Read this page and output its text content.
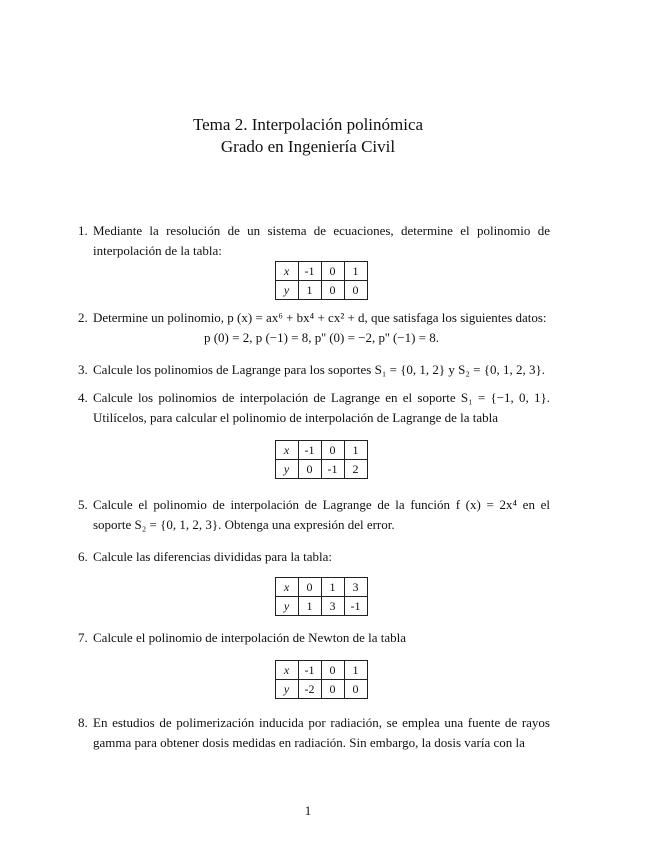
Tema 2. Interpolación polinómica
Grado en Ingeniería Civil
1. Mediante la resolución de un sistema de ecuaciones, determine el polinomio de interpolación de la tabla:
x	-1	0	1
y	1	0	0
2. Determine un polinomio, p (x) = ax⁶ + bx⁴ + cx² + d, que satisfaga los siguientes datos:
p (0) = 2, p (−1) = 8, p'' (0) = −2, p'' (−1) = 8.
3. Calcule los polinomios de Lagrange para los soportes S₁ = {0, 1, 2} y S₂ = {0, 1, 2, 3}.
4. Calcule los polinomios de interpolación de Lagrange en el soporte S₁ = {−1, 0, 1}. Utilícelos, para calcular el polinomio de interpolación de Lagrange de la tabla
x	-1	0	1
y	0	-1	2
5. Calcule el polinomio de interpolación de Lagrange de la función f (x) = 2x⁴ en el soporte S₂ = {0, 1, 2, 3}. Obtenga una expresión del error.
6. Calcule las diferencias divididas para la tabla:
x	0	1	3
y	1	3	-1
7. Calcule el polinomio de interpolación de Newton de la tabla
x	-1	0	1
y	-2	0	0
8. En estudios de polimerización inducida por radiación, se emplea una fuente de rayos gamma para obtener dosis medidas en radiación. Sin embargo, la dosis varía con la
1
